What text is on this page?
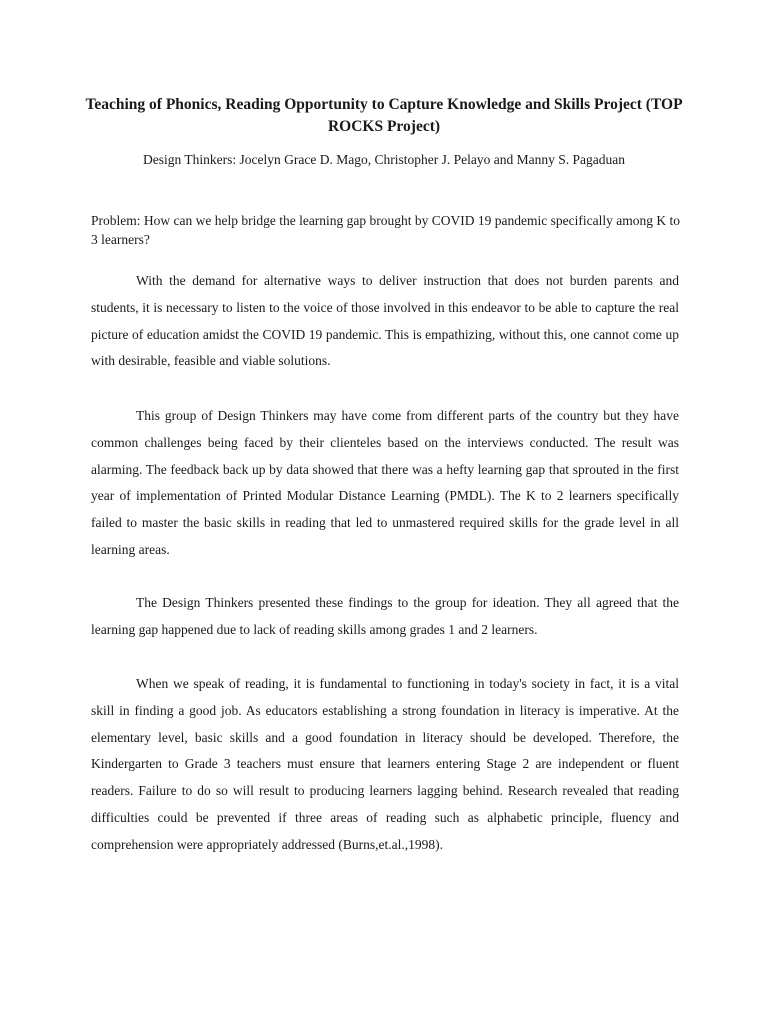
Teaching of Phonics, Reading Opportunity to Capture Knowledge and Skills Project (TOP ROCKS Project)
Design Thinkers: Jocelyn Grace D. Mago, Christopher J. Pelayo and Manny S. Pagaduan
Problem: How can we help bridge the learning gap brought by COVID 19 pandemic specifically among K to 3 learners?

With the demand for alternative ways to deliver instruction that does not burden parents and students, it is necessary to listen to the voice of those involved in this endeavor to be able to capture the real picture of education amidst the COVID 19 pandemic. This is empathizing, without this, one cannot come up with desirable, feasible and viable solutions.

This group of Design Thinkers may have come from different parts of the country but they have common challenges being faced by their clienteles based on the interviews conducted. The result was alarming. The feedback back up by data showed that there was a hefty learning gap that sprouted in the first year of implementation of Printed Modular Distance Learning (PMDL). The K to 2 learners specifically failed to master the basic skills in reading that led to unmastered required skills for the grade level in all learning areas.

The Design Thinkers presented these findings to the group for ideation. They all agreed that the learning gap happened due to lack of reading skills among grades 1 and 2 learners.

When we speak of reading, it is fundamental to functioning in today's society in fact, it is a vital skill in finding a good job. As educators establishing a strong foundation in literacy is imperative. At the elementary level, basic skills and a good foundation in literacy should be developed. Therefore, the Kindergarten to Grade 3 teachers must ensure that learners entering Stage 2 are independent or fluent readers. Failure to do so will result to producing learners lagging behind. Research revealed that reading difficulties could be prevented if three areas of reading such as alphabetic principle, fluency and comprehension were appropriately addressed (Burns,et.al.,1998).
